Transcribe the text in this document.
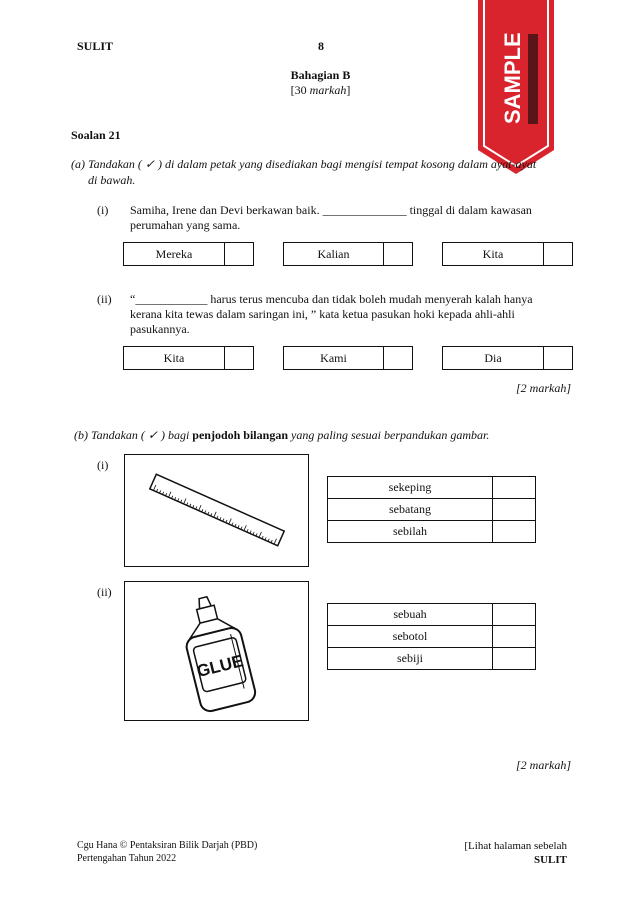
SULIT	8
Bahagian B
[30 markah]	SAMPLE
Soalan 21
(a) Tandakan ( ✓ ) di dalam petak yang disediakan bagi mengisi tempat kosong dalam ayat-ayat
di bawah.
(i) Samiha, Irene dan Devi berkawan baik. ______________ tinggal di dalam kawasan
perumahan yang sama.
Mereka	Kalian	Kita
(ii) “____________ harus terus mencuba dan tidak boleh mudah menyerah kalah hanya
kerana kita tewas dalam saringan ini, ” kata ketua pasukan hoki kepada ahli-ahli
pasukannya.
Kita	Kami	Dia
[2 markah]
(b) Tandakan ( ✓ ) bagi penjodoh bilangan yang paling sesuai berpandukan gambar.
(i)
sekeping	
sebatang	
sebilah	
(ii)
GLUE
sebuah	
sebotol	
sebiji	
[2 markah]
Cgu Hana © Pentaksiran Bilik Darjah (PBD)
Pertengahan Tahun 2022
[Lihat halaman sebelah
SULIT
